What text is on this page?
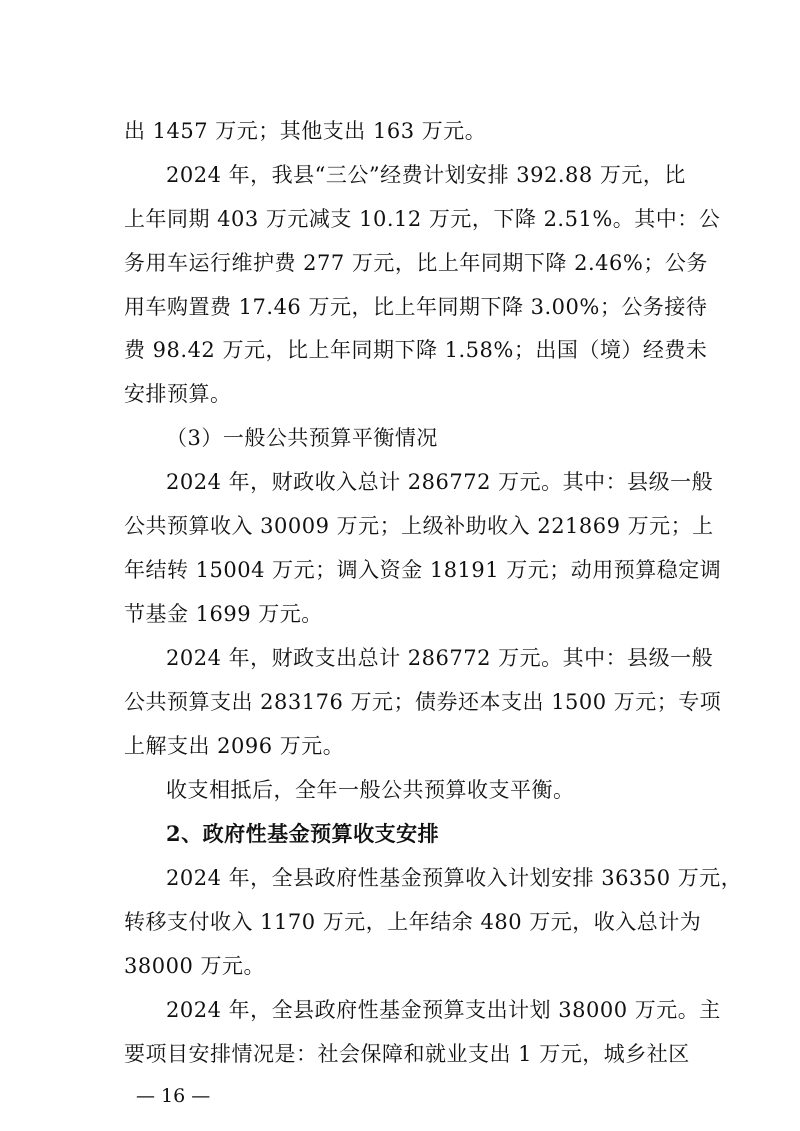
出 1457 万元；其他支出 163 万元。
2024 年，我县“三公”经费计划安排 392.88 万元，比
上年同期 403 万元减支 10.12 万元，下降 2.51%。其中：公
务用车运行维护费 277 万元，比上年同期下降 2.46%；公务
用车购置费 17.46 万元，比上年同期下降 3.00%；公务接待
费 98.42 万元，比上年同期下降 1.58%；出国（境）经费未
安排预算。
（3）一般公共预算平衡情况
2024 年，财政收入总计 286772 万元。其中：县级一般
公共预算收入 30009 万元；上级补助收入 221869 万元；上
年结转 15004 万元；调入资金 18191 万元；动用预算稳定调
节基金 1699 万元。
2024 年，财政支出总计 286772 万元。其中：县级一般
公共预算支出 283176 万元；债券还本支出 1500 万元；专项
上解支出 2096 万元。
收支相抵后，全年一般公共预算收支平衡。
2、政府性基金预算收支安排
2024 年，全县政府性基金预算收入计划安排 36350 万元，
转移支付收入 1170 万元，上年结余 480 万元，收入总计为
38000 万元。
2024 年，全县政府性基金预算支出计划 38000 万元。主
要项目安排情况是：社会保障和就业支出 1 万元，城乡社区
— 16 —
